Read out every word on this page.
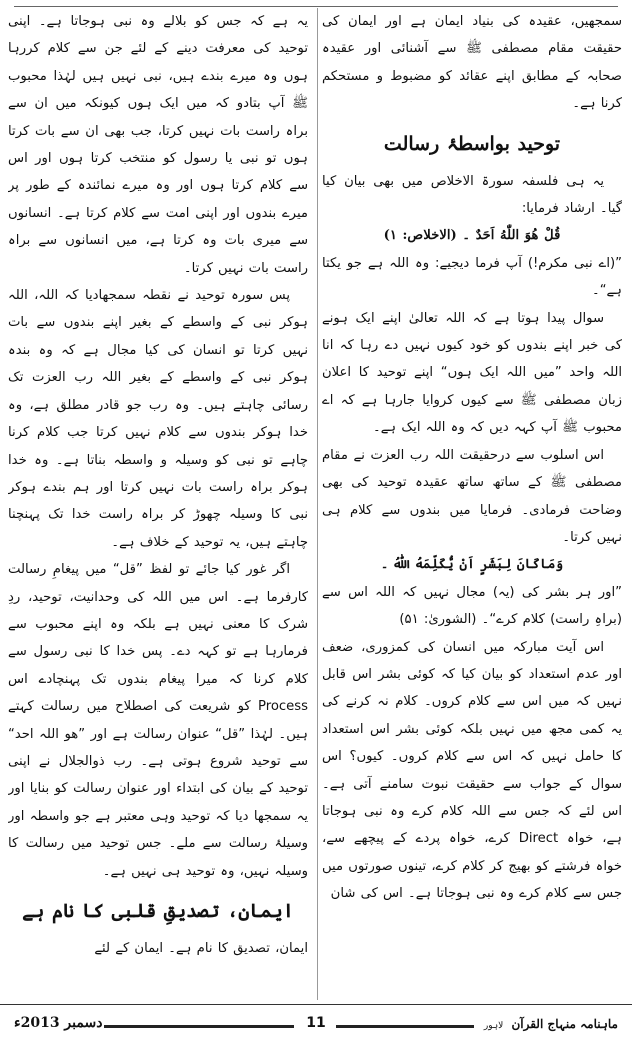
سمجھیں، عقیدہ کی بنیاد ایمان ہے اور ایمان کی حقیقت مقام مصطفی ﷺ سے آشنائی اور عقیدہ صحابہ کے مطابق اپنے عقائد کو مضبوط و مستحکم کرنا ہے۔

توحید بواسطۂ رسالت

یہ ہی فلسفہ سورۃ الاخلاص میں بھی بیان کیا گیا۔ ارشاد فرمایا:

قُلْ هُوَ اللّٰهُ اَحَدٌ ۔ (الاخلاص: ۱)

”(اے نبی مکرم!) آپ فرما دیجیے: وہ اللہ ہے جو یکتا ہے“۔

سوال پیدا ہوتا ہے کہ اللہ تعالیٰ اپنے ایک ہونے کی خبر اپنے بندوں کو خود کیوں نہیں دے رہا کہ انا اللہ واحد ”میں اللہ ایک ہوں“ اپنے توحید کا اعلان زبان مصطفی ﷺ سے کیوں کروایا جارہا ہے کہ اے محبوب ﷺ آپ کہہ دیں کہ وہ اللہ ایک ہے۔

اس اسلوب سے درحقیقت اللہ رب العزت نے مقام مصطفی ﷺ کے ساتھ ساتھ عقیدہ توحید کی بھی وضاحت فرمادی۔ فرمایا میں بندوں سے کلام ہی نہیں کرتا۔

وَمَاکَانَ لِبَشَرٍ اَنْ یُّکَلِّمَهُ اللّٰهُ ۔

”اور ہر بشر کی (یہ) مجال نہیں کہ اللہ اس سے (براہِ راست) کلام کرے“۔ (الشوریٰ: ۵۱)

اس آیت مبارکہ میں انسان کی کمزوری، ضعف اور عدم استعداد کو بیان کیا کہ کوئی بشر اس قابل نہیں کہ میں اس سے کلام کروں۔ کلام نہ کرنے کی یہ کمی مجھ میں نہیں بلکہ کوئی بشر اس استعداد کا حامل نہیں کہ اس سے کلام کروں۔ کیوں؟ اس سوال کے جواب سے حقیقت نبوت سامنے آتی ہے۔ اس لئے کہ جس سے اللہ کلام کرے وہ نبی ہوجاتا ہے، خواہ Direct کرے، خواہ پردے کے پیچھے سے، خواہ فرشتے کو بھیج کر کلام کرے، تینوں صورتوں میں جس سے کلام کرے وہ نبی ہوجاتا ہے۔ اس کی شان

یہ ہے کہ جس کو بلالے وہ نبی ہوجاتا ہے۔ اپنی توحید کی معرفت دینے کے لئے جن سے کلام کررہا ہوں وہ میرے بندے ہیں، نبی نہیں ہیں لہٰذا محبوب ﷺ آپ بتادو کہ میں ایک ہوں کیونکہ میں ان سے براہ راست بات نہیں کرتا، جب بھی ان سے بات کرتا ہوں تو نبی یا رسول کو منتخب کرتا ہوں اور اس سے کلام کرتا ہوں اور وہ میرے نمائندہ کے طور پر میرے بندوں اور اپنی امت سے کلام کرتا ہے۔ انسانوں سے میری بات وہ کرتا ہے، میں انسانوں سے براہ راست بات نہیں کرتا۔

پس سورہ توحید نے نقطہ سمجھادیا کہ اللہ، اللہ ہوکر نبی کے واسطے کے بغیر اپنے بندوں سے بات نہیں کرتا تو انسان کی کیا مجال ہے کہ وہ بندہ ہوکر نبی کے واسطے کے بغیر اللہ رب العزت تک رسائی چاہتے ہیں۔ وہ رب جو قادر مطلق ہے، وہ خدا ہوکر بندوں سے کلام نہیں کرتا جب کلام کرنا چاہے تو نبی کو وسیلہ و واسطہ بناتا ہے۔ وہ خدا ہوکر براہ راست بات نہیں کرتا اور ہم بندے ہوکر نبی کا وسیلہ چھوڑ کر براہ راست خدا تک پہنچنا چاہتے ہیں، یہ توحید کے خلاف ہے۔

اگر غور کیا جائے تو لفظ ”قل“ میں پیغامِ رسالت کارفرما ہے۔ اس میں اللہ کی وحدانیت، توحید، ردِ شرک کا معنی نہیں ہے بلکہ وہ اپنے محبوب سے فرمارہا ہے تو کہہ دے۔ پس خدا کا نبی رسول سے کلام کرنا کہ میرا پیغام بندوں تک پہنچادے اس Process کو شریعت کی اصطلاح میں رسالت کہتے ہیں۔ لہٰذا ”قل“ عنوان رسالت ہے اور ”هو اللہ احد“ سے توحید شروع ہوتی ہے۔ رب ذوالجلال نے اپنی توحید کے بیان کی ابتداء اور عنوان رسالت کو بنایا اور یہ سمجھا دیا کہ توحید وہی معتبر ہے جو واسطہ اور وسیلۂ رسالت سے ملے۔ جس توحید میں رسالت کا وسیلہ نہیں، وہ توحید ہی نہیں ہے۔

ایمان، تصدیقِ قلبی کا نام ہے

ایمان، تصدیق کا نام ہے۔ ایمان کے لئے

ماہنامہ منہاج القرآن لاہور
11
دسمبر 2013ء
